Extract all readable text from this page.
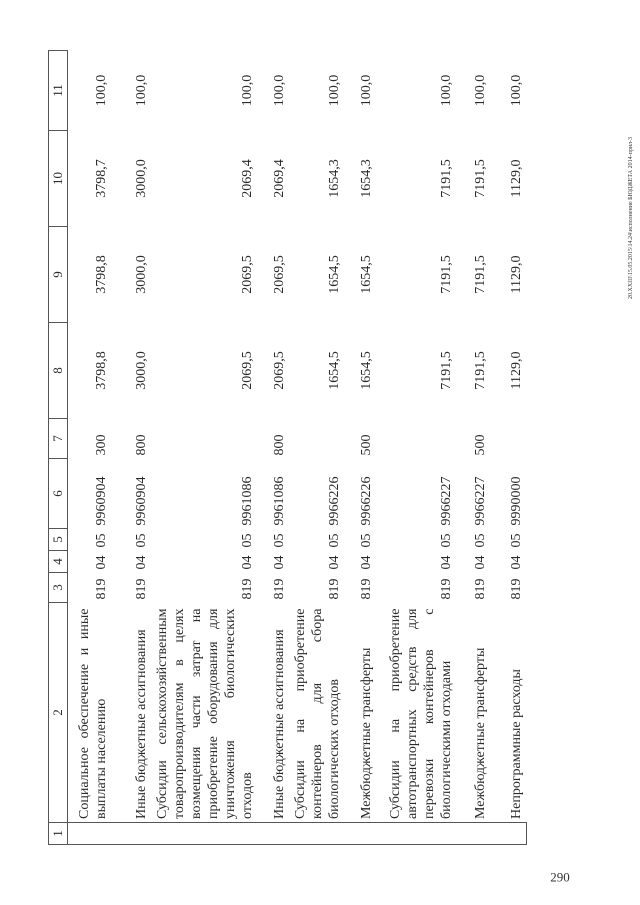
1	2	3	4	5	6	7	8	9	10	11
	Социальное обеспечение и иные выплаты населению	819	04	05	9960904	300	3798,8	3798,8	3798,7	100,0
	Иные бюджетные ассигнования	819	04	05	9960904	800	3000,0	3000,0	3000,0	100,0
	Субсидии сельскохозяйственным товаропроизводителям в целях возмещения части затрат на приобретение оборудования для уничтожения биологических отходов	819	04	05	9961086		2069,5	2069,5	2069,4	100,0
	Иные бюджетные ассигнования	819	04	05	9961086	800	2069,5	2069,5	2069,4	100,0
	Субсидии на приобретение контейнеров для сбора биологических отходов	819	04	05	9966226		1654,5	1654,5	1654,3	100,0
	Межбюджетные трансферты	819	04	05	9966226	500	1654,5	1654,5	1654,3	100,0
	Субсидии на приобретение автотранспортных средств для перевозки контейнеров с биологическими отходами	819	04	05	9966227		7191,5	7191,5	7191,5	100,0
	Межбюджетные трансферты	819	04	05	9966227	500	7191,5	7191,5	7191,5	100,0
	Непрограммные расходы	819	04	05	9990000		1129,0	1129,0	1129,0	100,0
20.XXIII\15.05.2015\14.24\исполнение БЮДЖЕТА 2014-прил-3
290
